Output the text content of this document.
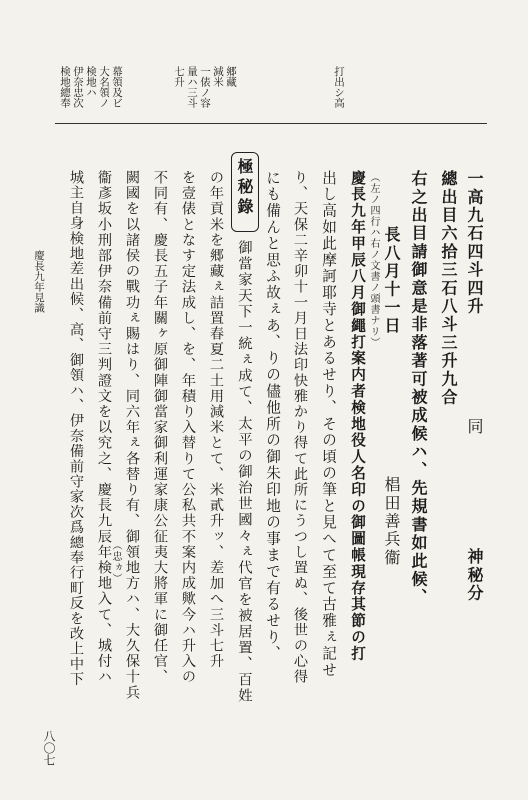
打出シ高
郷藏
減米
一俵ノ容
量ハ三斗
七升
幕領及ビ
大名領ノ
検地ハ
伊奈忠次
検地總奉
一高九石四斗四升
同
神秘分
總出目六拾三石八斗三升九合
右之出目請御意是非落著可被成候ハ、先規書如此候、
長八月十一日
椙田善兵衞
（左ノ四行ハ右ノ文書ノ頭書ナリ）
慶長九年甲辰八月御繩打案内者検地役人名印の御圖帳現存其節の打
出し高如此摩訶耶寺とあるせり、その頃の筆と見へて至て古雅ぇ記せ
り、天保二辛卯十一月日法印快雅かり得て此所にうつし置ぬ、後世の心得
にも備んと思ふ故ぇあ、りの儘他所の御朱印地の事まで有るせり、
極秘錄
御當家天下一統ぇ成て、太平の御治世國々ぇ代官を被居置、百姓
の年貢米を郷藏ぇ詰置春夏二土用減米とて、米貳升ッ、差加へ三斗七升
を壹俵となす定法成し、を、年積り入替りて公私共不案内成歟今ハ升入の
不同有、慶長五子年關ヶ原御陣御當家御利運家康公征夷大將軍に御任官、
闕國を以諸侯の戰功ぇ賜はり、同六年ぇ各替り有、御領地方ハ、大久保十兵
（忠ヵ）
衞彥坂小刑部伊奈備前守三判證文を以究之、慶長九辰年検地入て、城付ハ
城主自身検地差出候、高、御領ハ、伊奈備前守家次爲總奉行町反を改上中下
慶長九年見識
八〇七
